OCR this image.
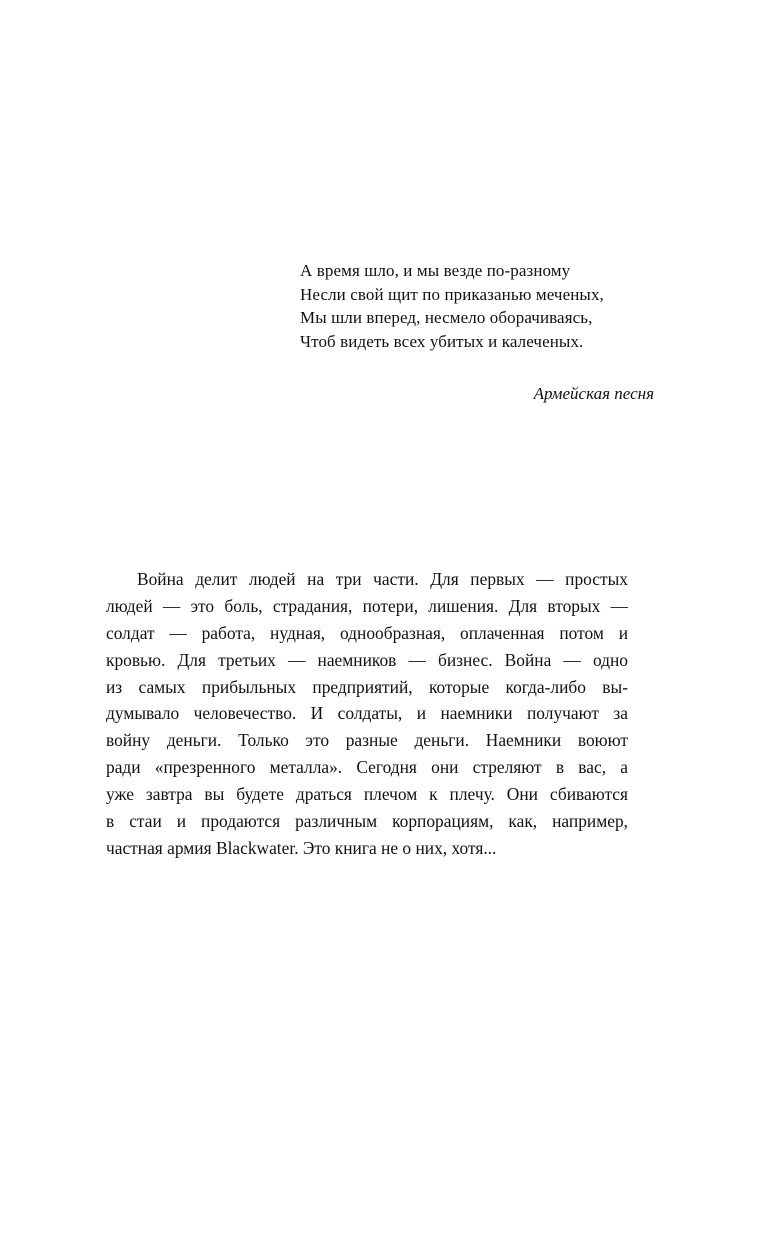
А время шло, и мы везде по-разному
Несли свой щит по приказанью меченых,
Мы шли вперед, несмело оборачиваясь,
Чтоб видеть всех убитых и калеченых.
Армейская песня
Война делит людей на три части. Для первых — простых
людей — это боль, страдания, потери, лишения. Для вторых —
солдат — работа, нудная, однообразная, оплаченная потом и
кровью. Для третьих — наемников — бизнес. Война — одно
из самых прибыльных предприятий, которые когда-либо вы-
думывало человечество. И солдаты, и наемники получают за
войну деньги. Только это разные деньги. Наемники воюют
ради «презренного металла». Сегодня они стреляют в вас, а
уже завтра вы будете драться плечом к плечу. Они сбиваются
в стаи и продаются различным корпорациям, как, например,
частная армия Blackwater. Это книга не о них, хотя...
